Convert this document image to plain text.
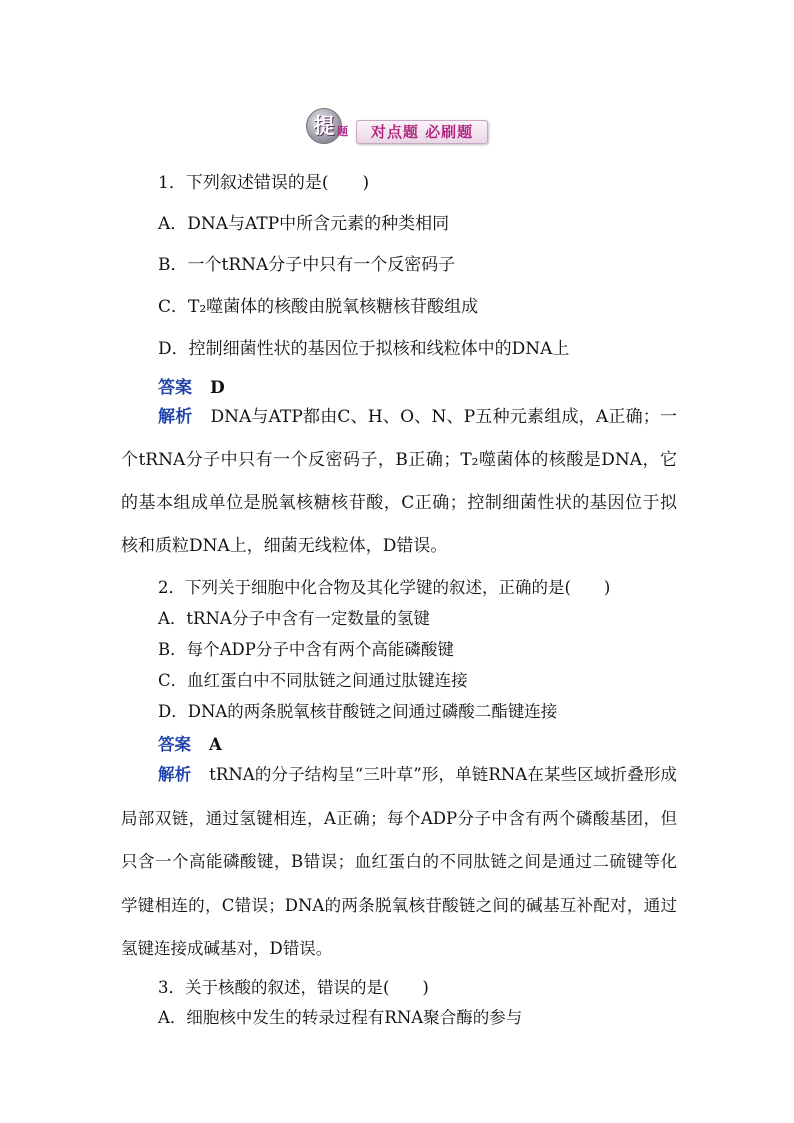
提 题	对点题 必刷题
1．下列叙述错误的是(　　)
A．DNA与ATP中所含元素的种类相同
B．一个tRNA分子中只有一个反密码子
C．T₂噬菌体的核酸由脱氧核糖核苷酸组成
D．控制细菌性状的基因位于拟核和线粒体中的DNA上
答案 D
解析 DNA与ATP都由C、H、O、N、P五种元素组成，A正确；一个tRNA分子中只有一个反密码子，B正确；T₂噬菌体的核酸是DNA，它的基本组成单位是脱氧核糖核苷酸，C正确；控制细菌性状的基因位于拟核和质粒DNA上，细菌无线粒体，D错误。
2．下列关于细胞中化合物及其化学键的叙述，正确的是(　　)
A．tRNA分子中含有一定数量的氢键
B．每个ADP分子中含有两个高能磷酸键
C．血红蛋白中不同肽链之间通过肽键连接
D．DNA的两条脱氧核苷酸链之间通过磷酸二酯键连接
答案 A
解析 tRNA的分子结构呈“三叶草”形，单链RNA在某些区域折叠形成局部双链，通过氢键相连，A正确；每个ADP分子中含有两个磷酸基团，但只含一个高能磷酸键，B错误；血红蛋白的不同肽链之间是通过二硫键等化学键相连的，C错误；DNA的两条脱氧核苷酸链之间的碱基互补配对，通过氢键连接成碱基对，D错误。
3．关于核酸的叙述，错误的是(　　)
A．细胞核中发生的转录过程有RNA聚合酶的参与
